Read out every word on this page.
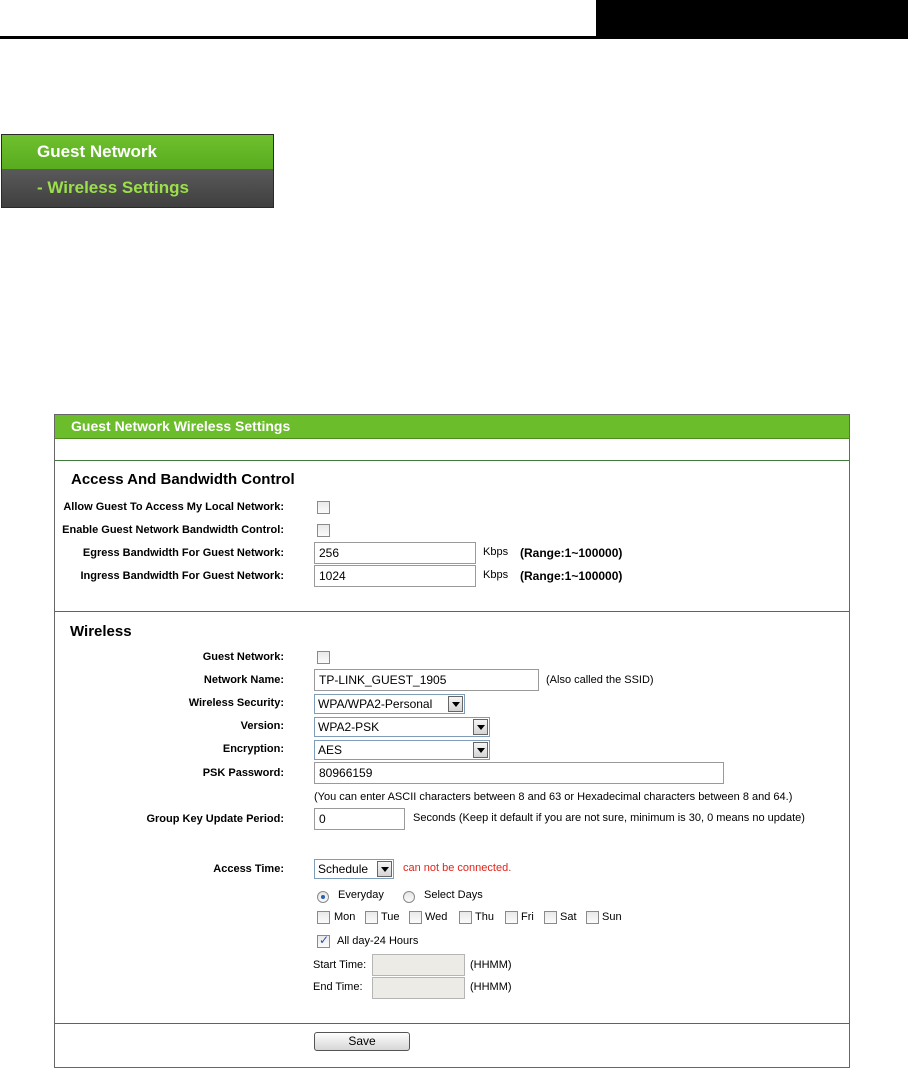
Guest Network
- Wireless Settings
Guest Network Wireless Settings
Access And Bandwidth Control
Allow Guest To Access My Local Network:
Enable Guest Network Bandwidth Control:
Egress Bandwidth For Guest Network:	256	Kbps (Range:1~100000)
Ingress Bandwidth For Guest Network:	1024	Kbps (Range:1~100000)
Wireless
Guest Network:
Network Name:	TP-LINK_GUEST_1905	(Also called the SSID)
Wireless Security:	WPA/WPA2-Personal
Version:	WPA2-PSK
Encryption:	AES
PSK Password:	80966159
(You can enter ASCII characters between 8 and 63 or Hexadecimal characters between 8 and 64.)
Group Key Update Period:	0	Seconds (Keep it default if you are not sure, minimum is 30, 0 means no update)
Access Time:	Schedule	can not be connected.
Everyday	Select Days
Mon Tue Wed	Thu Fri Sat Sun
✓
All day-24 Hours
Start Time:	(HHMM)
End Time:	(HHMM)
Save
